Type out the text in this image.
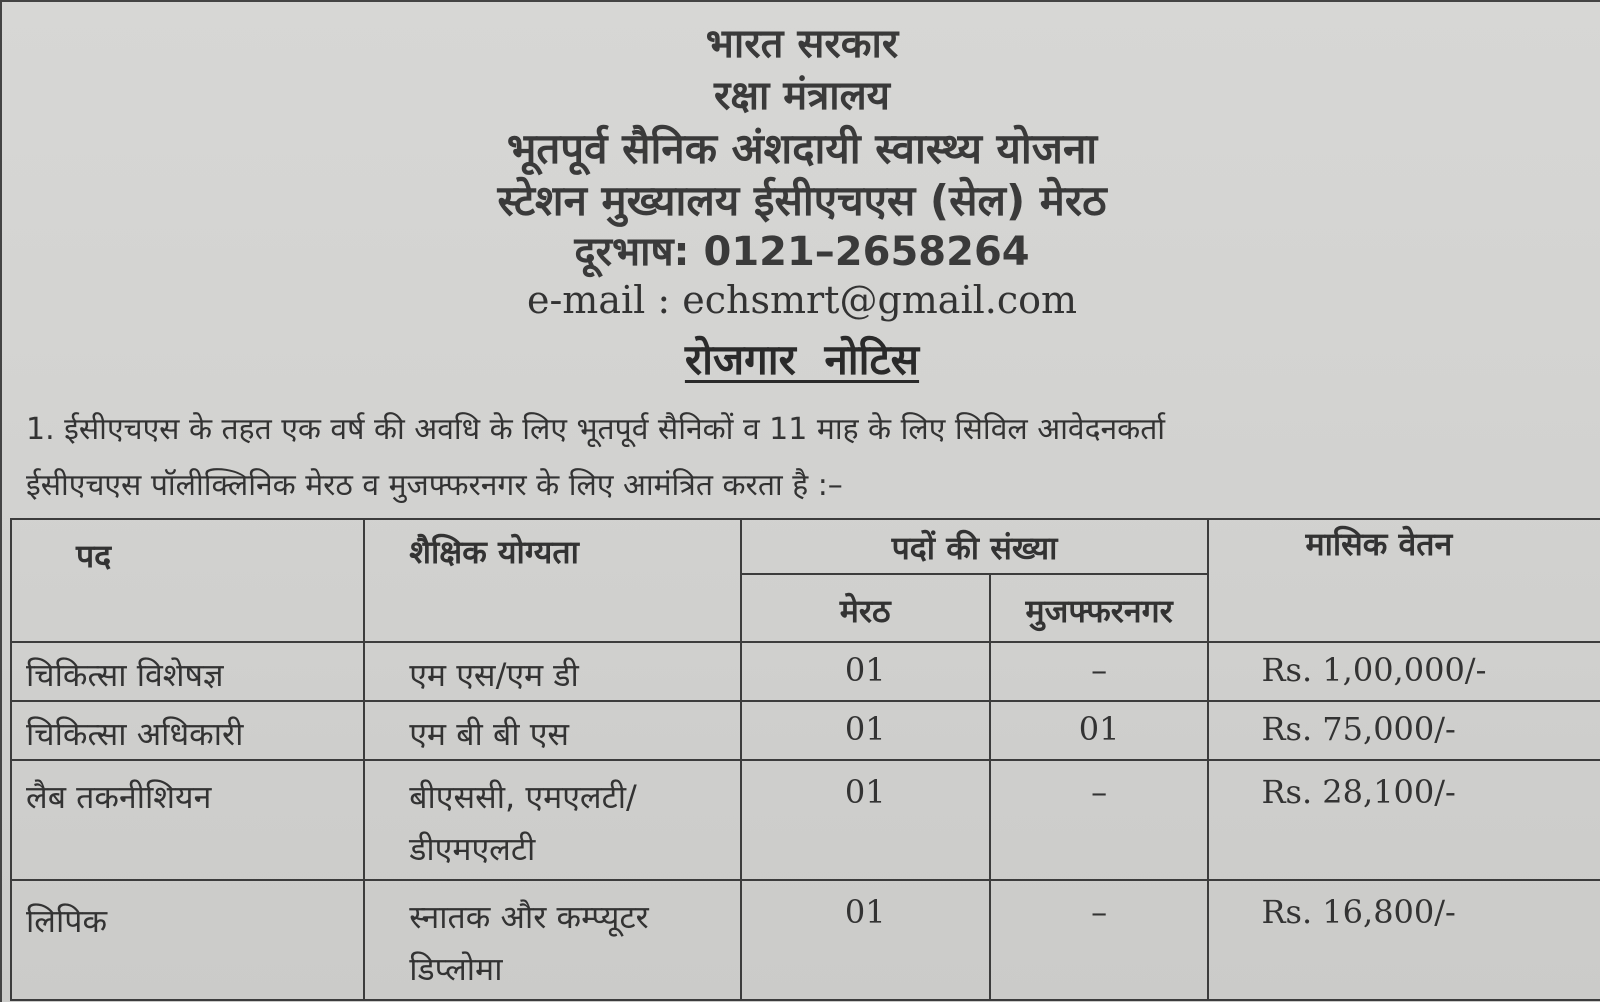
भारत सरकार
रक्षा मंत्रालय
भूतपूर्व सैनिक अंशदायी स्वास्थ्य योजना
स्टेशन मुख्यालय ईसीएचएस (सेल) मेरठ
दूरभाष: 0121–2658264
e-mail : echsmrt@gmail.com
रोजगार नोटिस
1. ईसीएचएस के तहत एक वर्ष की अवधि के लिए भूतपूर्व सैनिकों व 11 माह के लिए सिविल आवेदनकर्ता
ईसीएचएस पॉलीक्लिनिक मेरठ व मुजफ्फरनगर के लिए आमंत्रित करता है :–
पद	शैक्षिक योग्यता	पदों की संख्या		मासिक वेतन
		मेरठ	मुजफ्फरनगर	
चिकित्सा विशेषज्ञ	एम एस/एम डी	01	–	Rs. 1,00,000/-
चिकित्सा अधिकारी	एम बी बी एस	01	01	Rs. 75,000/-
लैब तकनीशियन	बीएससी, एमएलटी/ डीएमएलटी	01	–	Rs. 28,100/-
लिपिक	स्नातक और कम्प्यूटर डिप्लोमा	01	–	Rs. 16,800/-
